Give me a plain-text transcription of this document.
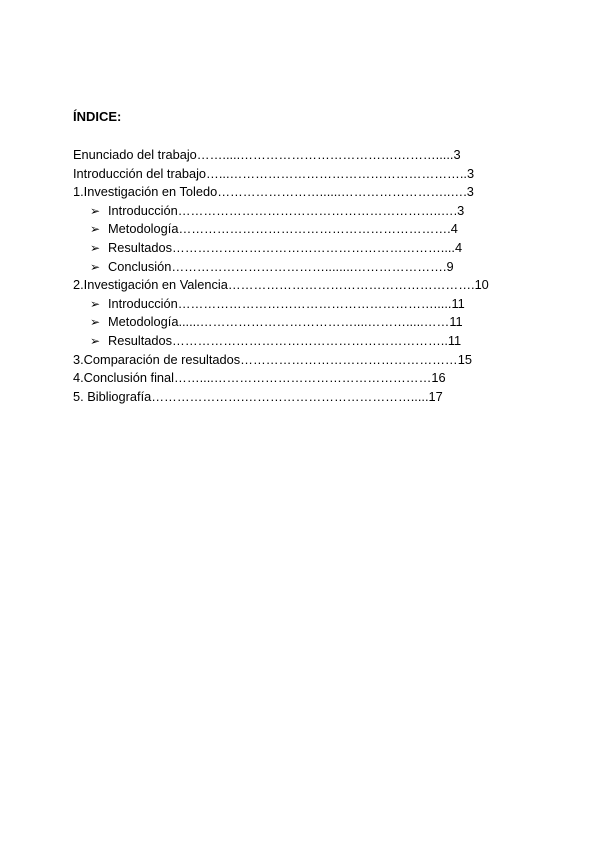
ÍNDICE:
Enunciado del trabajo…….....……………………………….……….....3
Introducción del trabajo…...………………………………………………..3
1.Investigación en Toledo……………………......……………………..….3
➢ Introducción……………………………………………………..….3
➢ Metodología……………………………………………………….4
➢ Resultados………………………………………………………....4
➢ Conclusión………………………………........………………….9
2.Investigación en Valencia………………………………………………….10
➢ Introducción…………………………………………………….....11
➢ Metodología......………………………………....……….....……11
➢ Resultados………………………………………………………..11
3.Comparación de resultados……………………………………………15
4.Conclusión final……....……………………………………………16
5. Bibliografía………………….………………………………….....17
